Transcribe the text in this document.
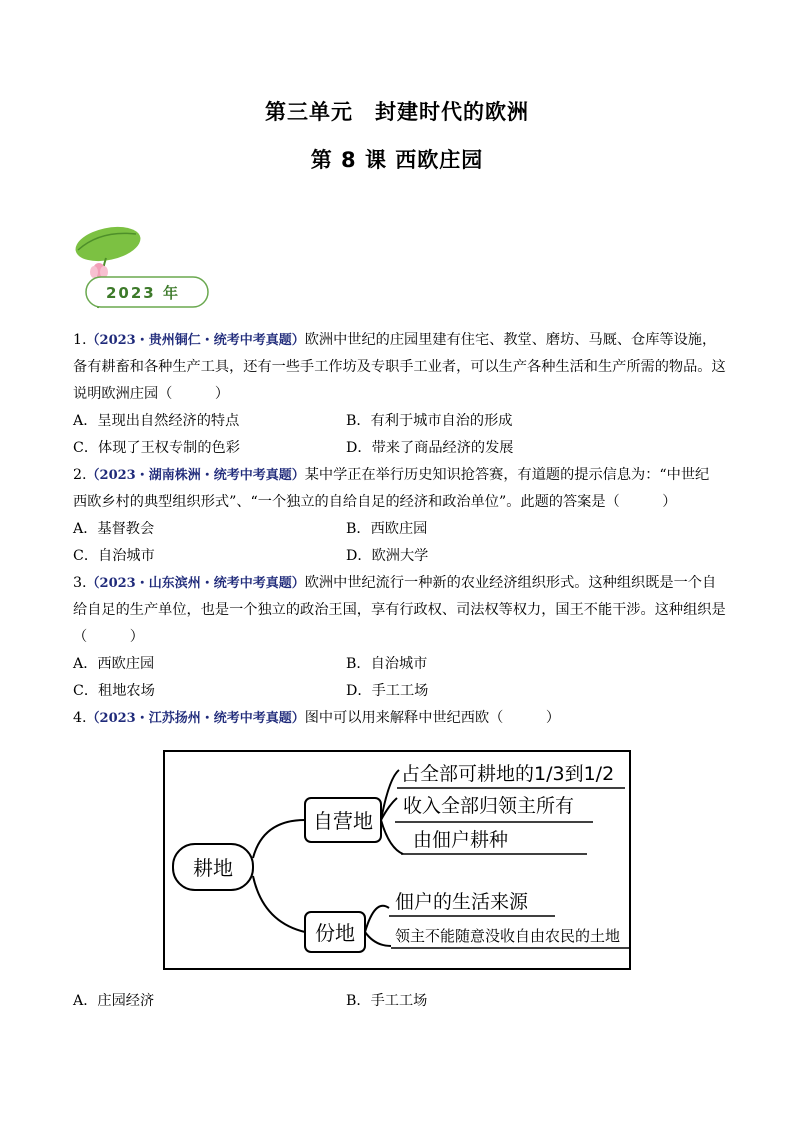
第三单元　封建时代的欧洲
第 8 课 西欧庄园
2023 年
1.（2023・贵州铜仁・统考中考真题）欧洲中世纪的庄园里建有住宅、教堂、磨坊、马厩、仓库等设施，
备有耕畜和各种生产工具，还有一些手工作坊及专职手工业者，可以生产各种生活和生产所需的物品。这
说明欧洲庄园（　　　）
A．呈现出自然经济的特点	B．有利于城市自治的形成
C．体现了王权专制的色彩	D．带来了商品经济的发展
2.（2023・湖南株洲・统考中考真题）某中学正在举行历史知识抢答赛，有道题的提示信息为：“中世纪
西欧乡村的典型组织形式”、“一个独立的自给自足的经济和政治单位”。此题的答案是（　　　）
A．基督教会	B．西欧庄园
C．自治城市	D．欧洲大学
3.（2023・山东滨州・统考中考真题）欧洲中世纪流行一种新的农业经济组织形式。这种组织既是一个自
给自足的生产单位，也是一个独立的政治王国，享有行政权、司法权等权力，国王不能干涉。这种组织是
（　　　）
A．西欧庄园	B．自治城市
C．租地农场	D．手工工场
4.（2023・江苏扬州・统考中考真题）图中可以用来解释中世纪西欧（　　　）
耕地
自营地
占全部可耕地的1/3到1/2
收入全部归领主所有
由佃户耕种
份地
佃户的生活来源
领主不能随意没收自由农民的土地
A．庄园经济	B．手工工场
